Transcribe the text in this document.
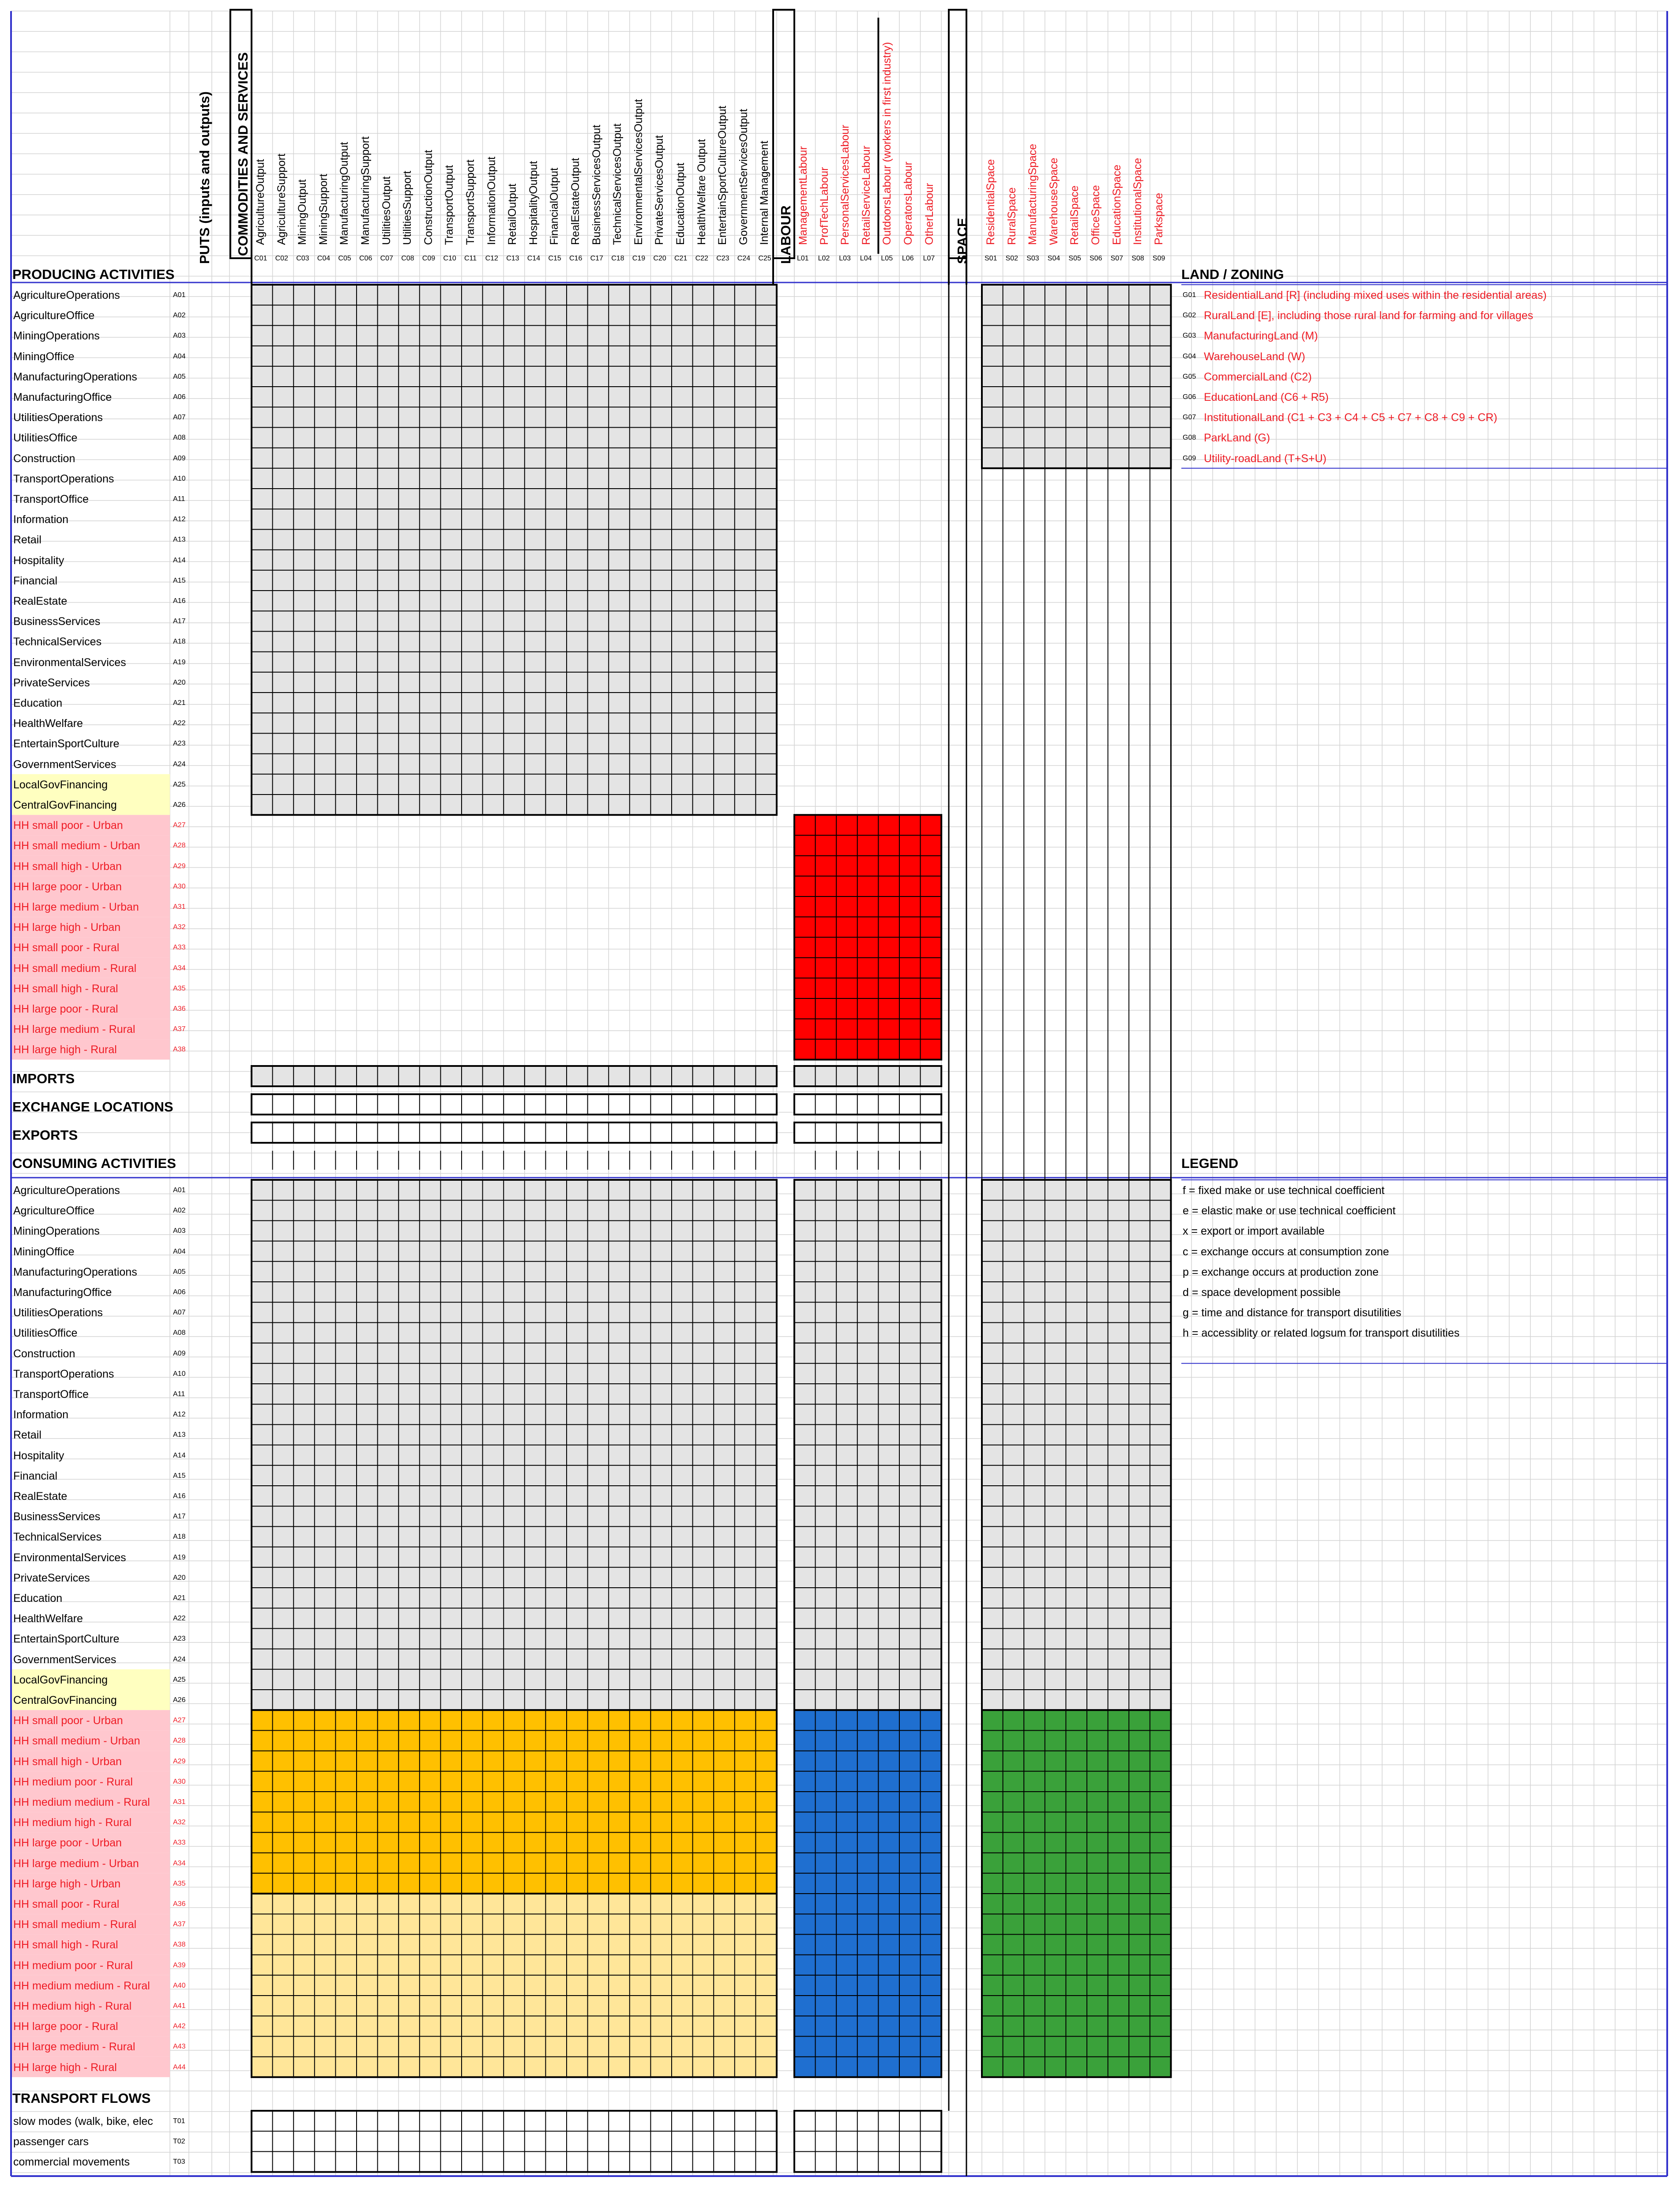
AgricultureOutput
C01
AgricultureSupport
C02
MiningOutput
C03
MiningSupport
C04
ManufacturingOutput
C05
ManufacturingSupport
C06
UtilitiesOutput
C07
UtilitiesSupport
C08
ConstructionOutput
C09
TransportOutput
C10
TransportSupport
C11
InformationOutput
C12
RetailOutput
C13
HospitalityOutput
C14
FinancialOutput
C15
RealEstateOutput
C16
BusinessServicesOutput
C17
TechnicalServicesOutput
C18
EnvironmentalServicesOutput
C19
PrivateServicesOutput
C20
EducationOutput
C21
HealthWelfare Output
C22
EntertainSportCultureOutput
C23
GovernmentServicesOutput
C24
Internal Management
C25
ManagementLabour
L01
ProfTechLabour
L02
PersonalServicesLabour
L03
RetailServiceLabour
L04
OutdoorsLabour (workers in first industry)
L05
OperatorsLabour
L06
OtherLabour
L07
ResidentialSpace
S01
RuralSpace
S02
ManufacturingSpace
S03
WarehouseSpace
S04
RetailSpace
S05
OfficeSpace
S06
EducationSpace
S07
InstitutionalSpace
S08
Parkspace
S09
AgricultureOperations	A01
AgricultureOffice	A02
MiningOperations	A03
MiningOffice	A04
ManufacturingOperations	A05
ManufacturingOffice	A06
UtilitiesOperations	A07
UtilitiesOffice	A08
Construction	A09
TransportOperations	A10
TransportOffice	A11
Information	A12
Retail	A13
Hospitality	A14
Financial	A15
RealEstate	A16
BusinessServices	A17
TechnicalServices	A18
EnvironmentalServices	A19
PrivateServices	A20
Education	A21
HealthWelfare	A22
EntertainSportCulture	A23
GovernmentServices	A24
LocalGovFinancing	A25
CentralGovFinancing	A26
HH small poor - Urban	A27
HH small medium - Urban	A28
HH small high - Urban	A29
HH large poor - Urban	A30
HH large medium - Urban	A31
HH large high - Urban	A32
HH small poor - Rural	A33
HH small medium - Rural	A34
HH small high - Rural	A35
HH large poor - Rural	A36
HH large medium - Rural	A37
HH large high - Rural	A38
AgricultureOperations	A01
AgricultureOffice	A02
MiningOperations	A03
MiningOffice	A04
ManufacturingOperations	A05
ManufacturingOffice	A06
UtilitiesOperations	A07
UtilitiesOffice	A08
Construction	A09
TransportOperations	A10
TransportOffice	A11
Information	A12
Retail	A13
Hospitality	A14
Financial	A15
RealEstate	A16
BusinessServices	A17
TechnicalServices	A18
EnvironmentalServices	A19
PrivateServices	A20
Education	A21
HealthWelfare	A22
EntertainSportCulture	A23
GovernmentServices	A24
LocalGovFinancing	A25
CentralGovFinancing	A26
HH small poor - Urban	A27
HH small medium - Urban	A28
HH small high - Urban	A29
HH medium poor - Rural	A30
HH medium medium - Rural	A31
HH medium high - Rural	A32
HH large poor - Urban	A33
HH large medium - Urban	A34
HH large high - Urban	A35
HH small poor - Rural	A36
HH small medium - Rural	A37
HH small high - Rural	A38
HH medium poor - Rural	A39
HH medium medium - Rural	A40
HH medium high - Rural	A41
HH large poor - Rural	A42
HH large medium - Rural	A43
HH large high - Rural	A44
slow modes (walk, bike, elec	T01
passenger cars	T02
commercial movements	T03
G01 ResidentialLand [R] (including mixed uses within the residential areas)
G02 RuralLand [E], including those rural land for farming and for villages
G03 ManufacturingLand (M)
G04 WarehouseLand (W)
G05 CommercialLand (C2)
G06 EducationLand (C6 + R5)
G07 InstitutionalLand (C1 + C3 + C4 + C5 + C7 + C8 + C9 + CR)
G08 ParkLand (G)
G09 Utility-roadLand (T+S+U)
f = fixed make or use technical coefficient
e = elastic make or use technical coefficient
x = export or import available
c = exchange occurs at consumption zone
p = exchange occurs at production zone
d = space development possible
g = time and distance for transport disutilities
h = accessiblity or related logsum for transport disutilities
PUTS (inputs and outputs) COMMODITIES AND SERVICES	LABOUR	SPACE
PRODUCING ACTIVITIES	LAND / ZONING
IMPORTS
EXCHANGE LOCATIONS
EXPORTS
CONSUMING ACTIVITIES	LEGEND
TRANSPORT FLOWS
